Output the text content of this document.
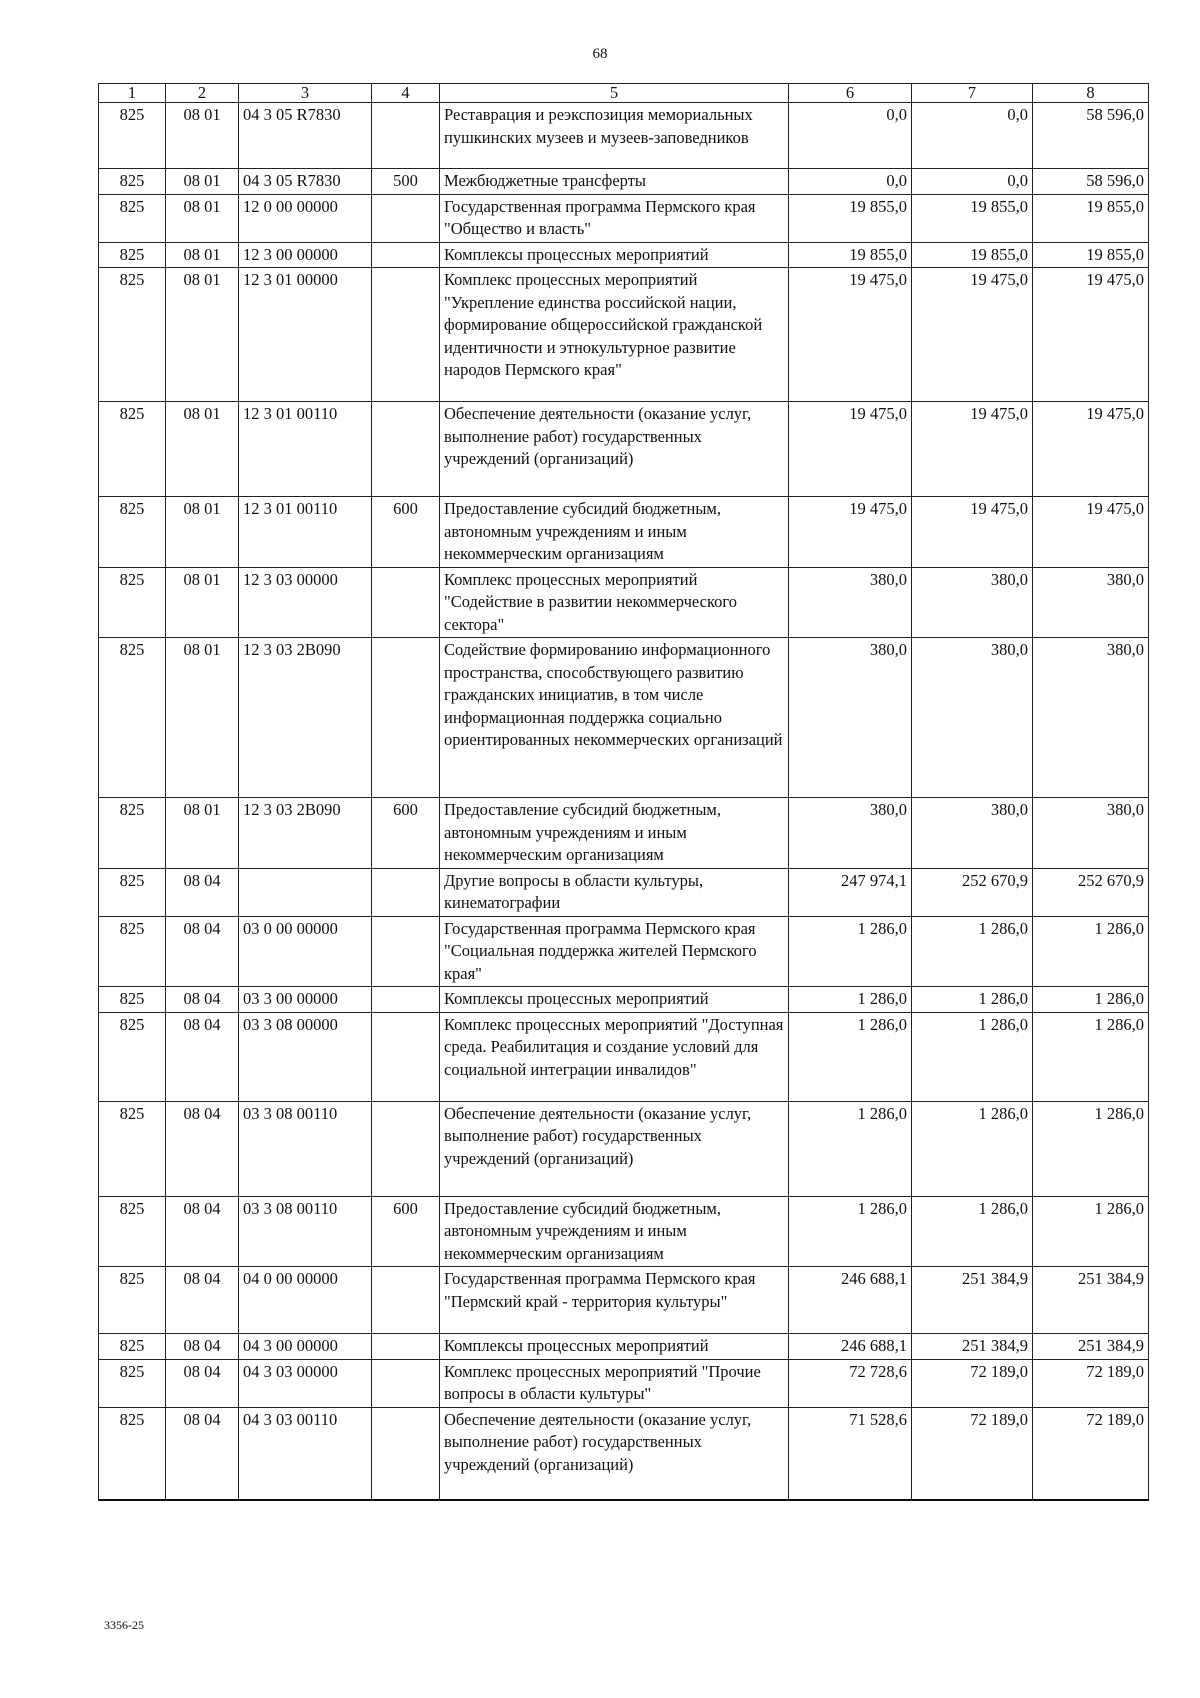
68
1	2	3	4	5	6	7	8
825	08 01	04 3 05 R7830		Реставрация и реэкспозиция мемориальных пушкинских музеев и музеев-заповедников	0,0	0,0	58 596,0
825	08 01	04 3 05 R7830	500	Межбюджетные трансферты	0,0	0,0	58 596,0
825	08 01	12 0 00 00000		Государственная программа Пермского края "Общество и власть"	19 855,0	19 855,0	19 855,0
825	08 01	12 3 00 00000		Комплексы процессных мероприятий	19 855,0	19 855,0	19 855,0
825	08 01	12 3 01 00000		Комплекс процессных мероприятий "Укрепление единства российской нации, формирование общероссийской гражданской идентичности и этнокультурное развитие народов Пермского края"	19 475,0	19 475,0	19 475,0
825	08 01	12 3 01 00110		Обеспечение деятельности (оказание услуг, выполнение работ) государственных учреждений (организаций)	19 475,0	19 475,0	19 475,0
825	08 01	12 3 01 00110	600	Предоставление субсидий бюджетным, автономным учреждениям и иным некоммерческим организациям	19 475,0	19 475,0	19 475,0
825	08 01	12 3 03 00000		Комплекс процессных мероприятий "Содействие в развитии некоммерческого сектора"	380,0	380,0	380,0
825	08 01	12 3 03 2В090		Содействие формированию информационного пространства, способствующего развитию гражданских инициатив, в том числе информационная поддержка социально ориентированных некоммерческих организаций	380,0	380,0	380,0
825	08 01	12 3 03 2В090	600	Предоставление субсидий бюджетным, автономным учреждениям и иным некоммерческим организациям	380,0	380,0	380,0
825	08 04			Другие вопросы в области культуры, кинематографии	247 974,1	252 670,9	252 670,9
825	08 04	03 0 00 00000		Государственная программа Пермского края "Социальная поддержка жителей Пермского края"	1 286,0	1 286,0	1 286,0
825	08 04	03 3 00 00000		Комплексы процессных мероприятий	1 286,0	1 286,0	1 286,0
825	08 04	03 3 08 00000		Комплекс процессных мероприятий "Доступная среда. Реабилитация и создание условий для социальной интеграции инвалидов"	1 286,0	1 286,0	1 286,0
825	08 04	03 3 08 00110		Обеспечение деятельности (оказание услуг, выполнение работ) государственных учреждений (организаций)	1 286,0	1 286,0	1 286,0
825	08 04	03 3 08 00110	600	Предоставление субсидий бюджетным, автономным учреждениям и иным некоммерческим организациям	1 286,0	1 286,0	1 286,0
825	08 04	04 0 00 00000		Государственная программа Пермского края "Пермский край - территория культуры"	246 688,1	251 384,9	251 384,9
825	08 04	04 3 00 00000		Комплексы процессных мероприятий	246 688,1	251 384,9	251 384,9
825	08 04	04 3 03 00000		Комплекс процессных мероприятий "Прочие вопросы в области культуры"	72 728,6	72 189,0	72 189,0
825	08 04	04 3 03 00110		Обеспечение деятельности (оказание услуг, выполнение работ) государственных учреждений (организаций)	71 528,6	72 189,0	72 189,0
3356-25
